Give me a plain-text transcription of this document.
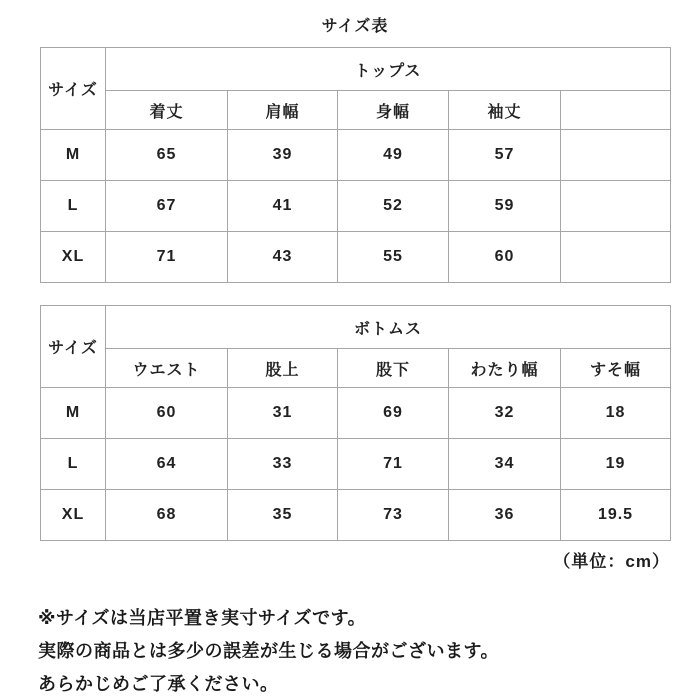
サイズ表
サイズ	トップス				
	着丈	肩幅	身幅	袖丈	
M	65	39	49	57	
L	67	41	52	59	
XL	71	43	55	60	
サイズ	ボトムス				
	ウエスト	股上	股下	わたり幅	すそ幅
M	60	31	69	32	18
L	64	33	71	34	19
XL	68	35	73	36	19.5
（単位：cm）
※サイズは当店平置き実寸サイズです。
実際の商品とは多少の誤差が生じる場合がございます。
あらかじめご了承ください。
